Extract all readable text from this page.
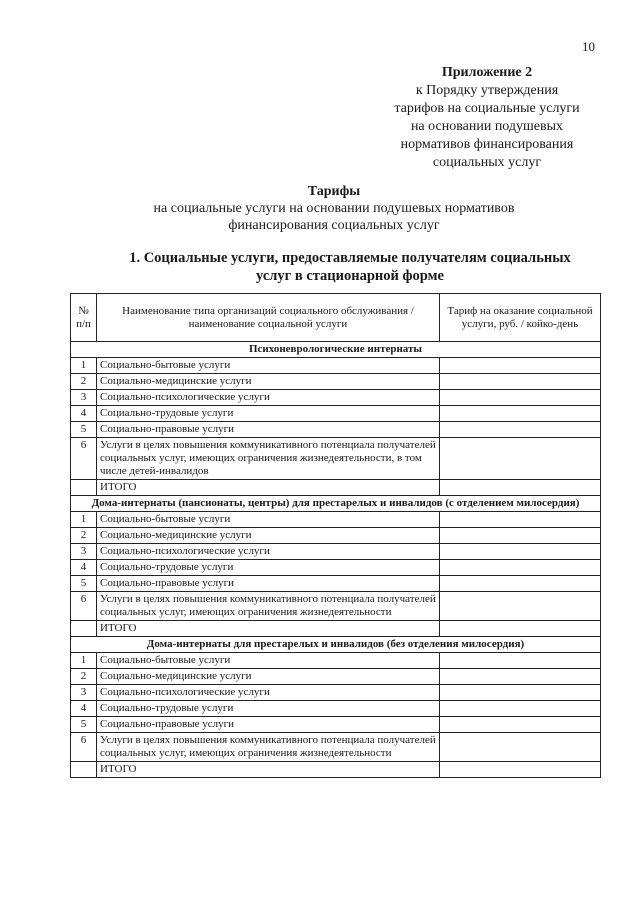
10
Приложение 2
к Порядку утверждения
тарифов на социальные услуги
на основании подушевых
нормативов финансирования
социальных услуг
Тарифы
на социальные услуги на основании подушевых нормативов
финансирования социальных услуг
1. Социальные услуги, предоставляемые получателям социальных
услуг в стационарной форме
№ п/п	Наименование типа организаций социального обслуживания / наименование социальной услуги	Тариф на оказание социальной услуги, руб. / койко-день
Психоневрологические интернаты		
1	Социально-бытовые услуги	
2	Социально-медицинские услуги	
3	Социально-психологические услуги	
4	Социально-трудовые услуги	
5	Социально-правовые услуги	
6	Услуги в целях повышения коммуникативного потенциала получателей социальных услуг, имеющих ограничения жизнедеятельности, в том числе детей-инвалидов	
	ИТОГО	
Дома-интернаты (пансионаты, центры) для престарелых и инвалидов (с отделением милосердия)		
1	Социально-бытовые услуги	
2	Социально-медицинские услуги	
3	Социально-психологические услуги	
4	Социально-трудовые услуги	
5	Социально-правовые услуги	
6	Услуги в целях повышения коммуникативного потенциала получателей социальных услуг, имеющих ограничения жизнедеятельности	
	ИТОГО	
Дома-интернаты для престарелых и инвалидов (без отделения милосердия)		
1	Социально-бытовые услуги	
2	Социально-медицинские услуги	
3	Социально-психологические услуги	
4	Социально-трудовые услуги	
5	Социально-правовые услуги	
6	Услуги в целях повышения коммуникативного потенциала получателей социальных услуг, имеющих ограничения жизнедеятельности	
	ИТОГО	
